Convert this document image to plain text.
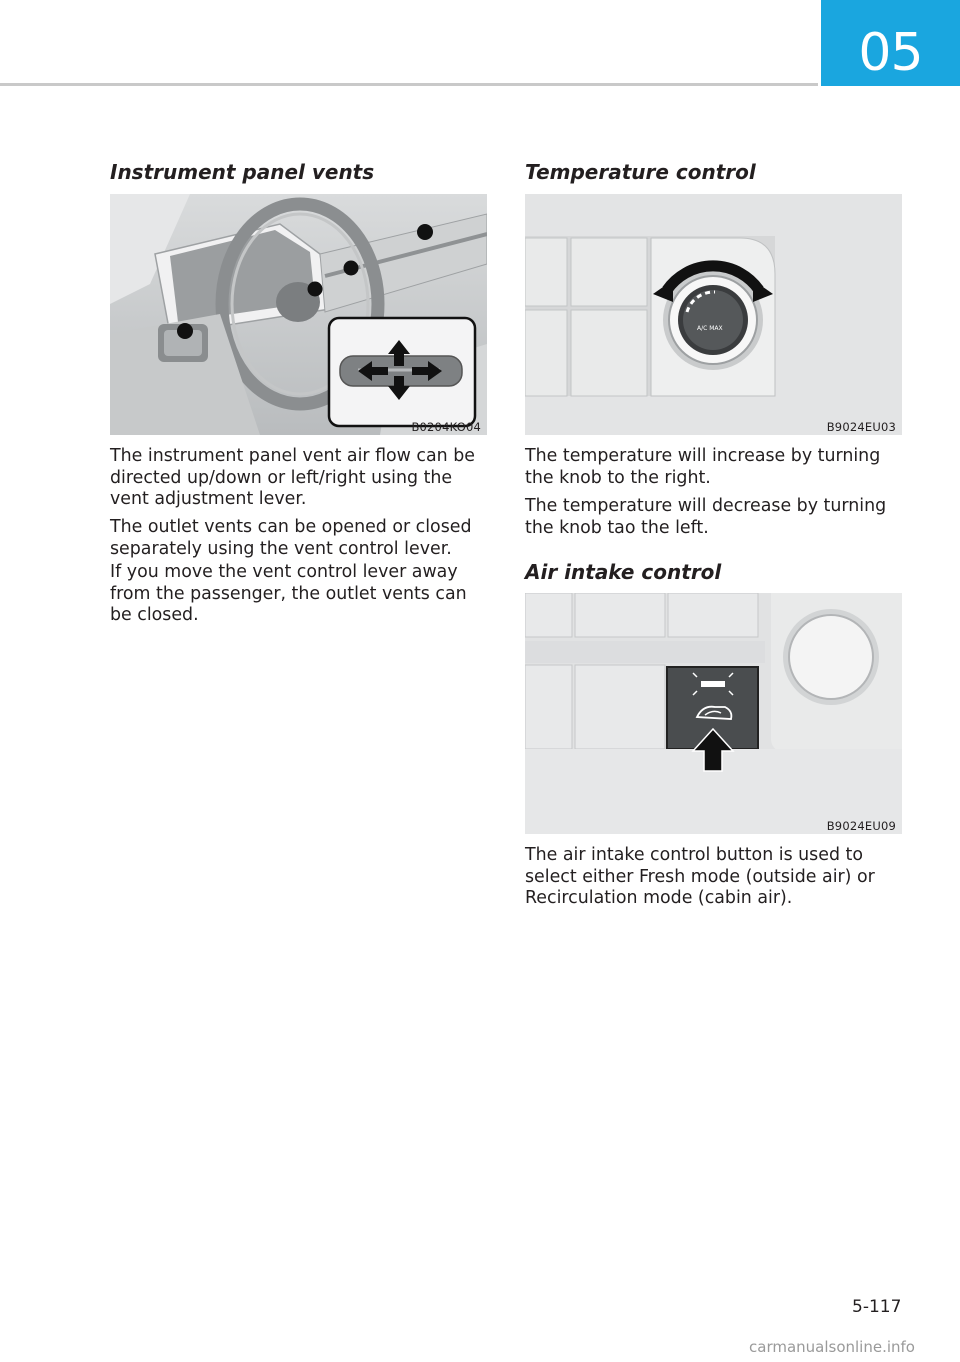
05
Instrument panel vents
B0204KO04

The instrument panel vent air flow can be directed up/down or left/right using the vent adjustment lever.

The outlet vents can be opened or closed separately using the vent control lever.

If you move the vent control lever away from the passenger, the outlet vents can be closed.

Temperature control
A/C MAX
B9024EU03

The temperature will increase by turning the knob to the right.

The temperature will decrease by turning the knob tao the left.

Air intake control
B9024EU09

The air intake control button is used to select either Fresh mode (outside air) or Recirculation mode (cabin air).

5-117
carmanualsonline.info
